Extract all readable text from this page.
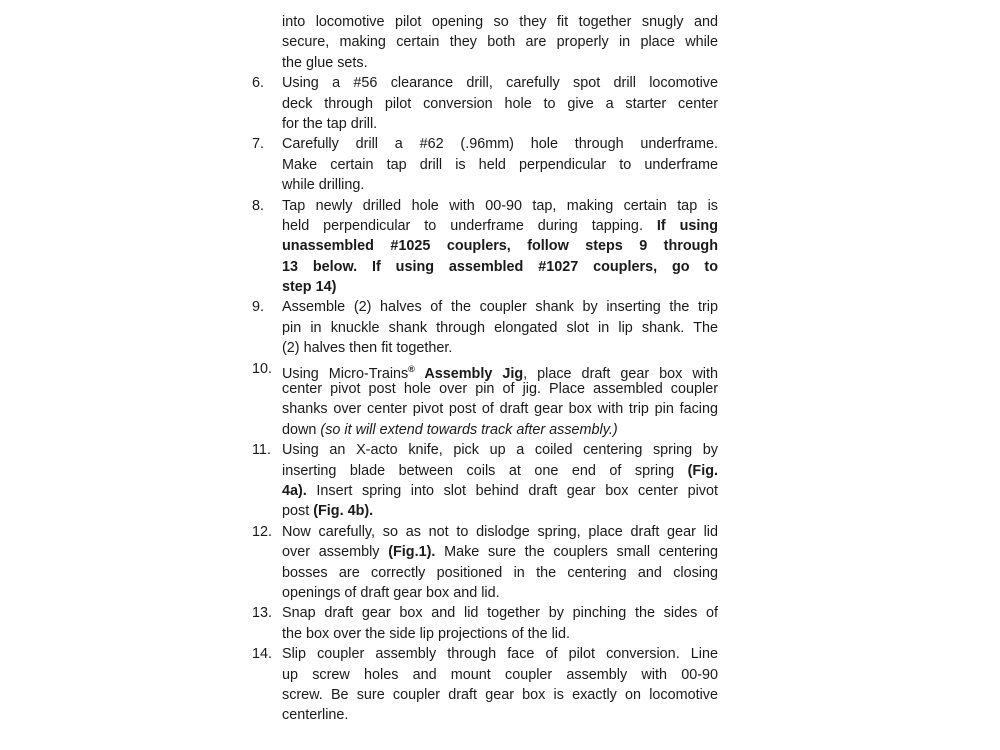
into locomotive pilot opening so they fit together snugly and
secure, making certain they both are properly in place while
the glue sets.
6.	Using a #56 clearance drill, carefully spot drill locomotive
deck through pilot conversion hole to give a starter center
for the tap drill.
7.	Carefully drill a #62 (.96mm) hole through underframe.
Make certain tap drill is held perpendicular to underframe
while drilling.
8.	Tap newly drilled hole with 00-90 tap, making certain tap is
held perpendicular to underframe during tapping. If using
unassembled #1025 couplers, follow steps 9 through
13 below. If using assembled #1027 couplers, go to
step 14)
9.	Assemble (2) halves of the coupler shank by inserting the trip
pin in knuckle shank through elongated slot in lip shank. The
(2) halves then fit together.
10. Using Micro-Trains® Assembly Jig, place draft gear box with
center pivot post hole over pin of jig. Place assembled coupler
shanks over center pivot post of draft gear box with trip pin facing
down (so it will extend towards track after assembly.)
11. Using an X-acto knife, pick up a coiled centering spring by
inserting blade between coils at one end of spring (Fig.
4a). Insert spring into slot behind draft gear box center pivot
post (Fig. 4b).
12. Now carefully, so as not to dislodge spring, place draft gear lid
over assembly (Fig.1). Make sure the couplers small centering
bosses are correctly positioned in the centering and closing
openings of draft gear box and lid.
13. Snap draft gear box and lid together by pinching the sides of
the box over the side lip projections of the lid.
14. Slip coupler assembly through face of pilot conversion. Line
up screw holes and mount coupler assembly with 00-90
screw. Be sure coupler draft gear box is exactly on locomotive
centerline.
